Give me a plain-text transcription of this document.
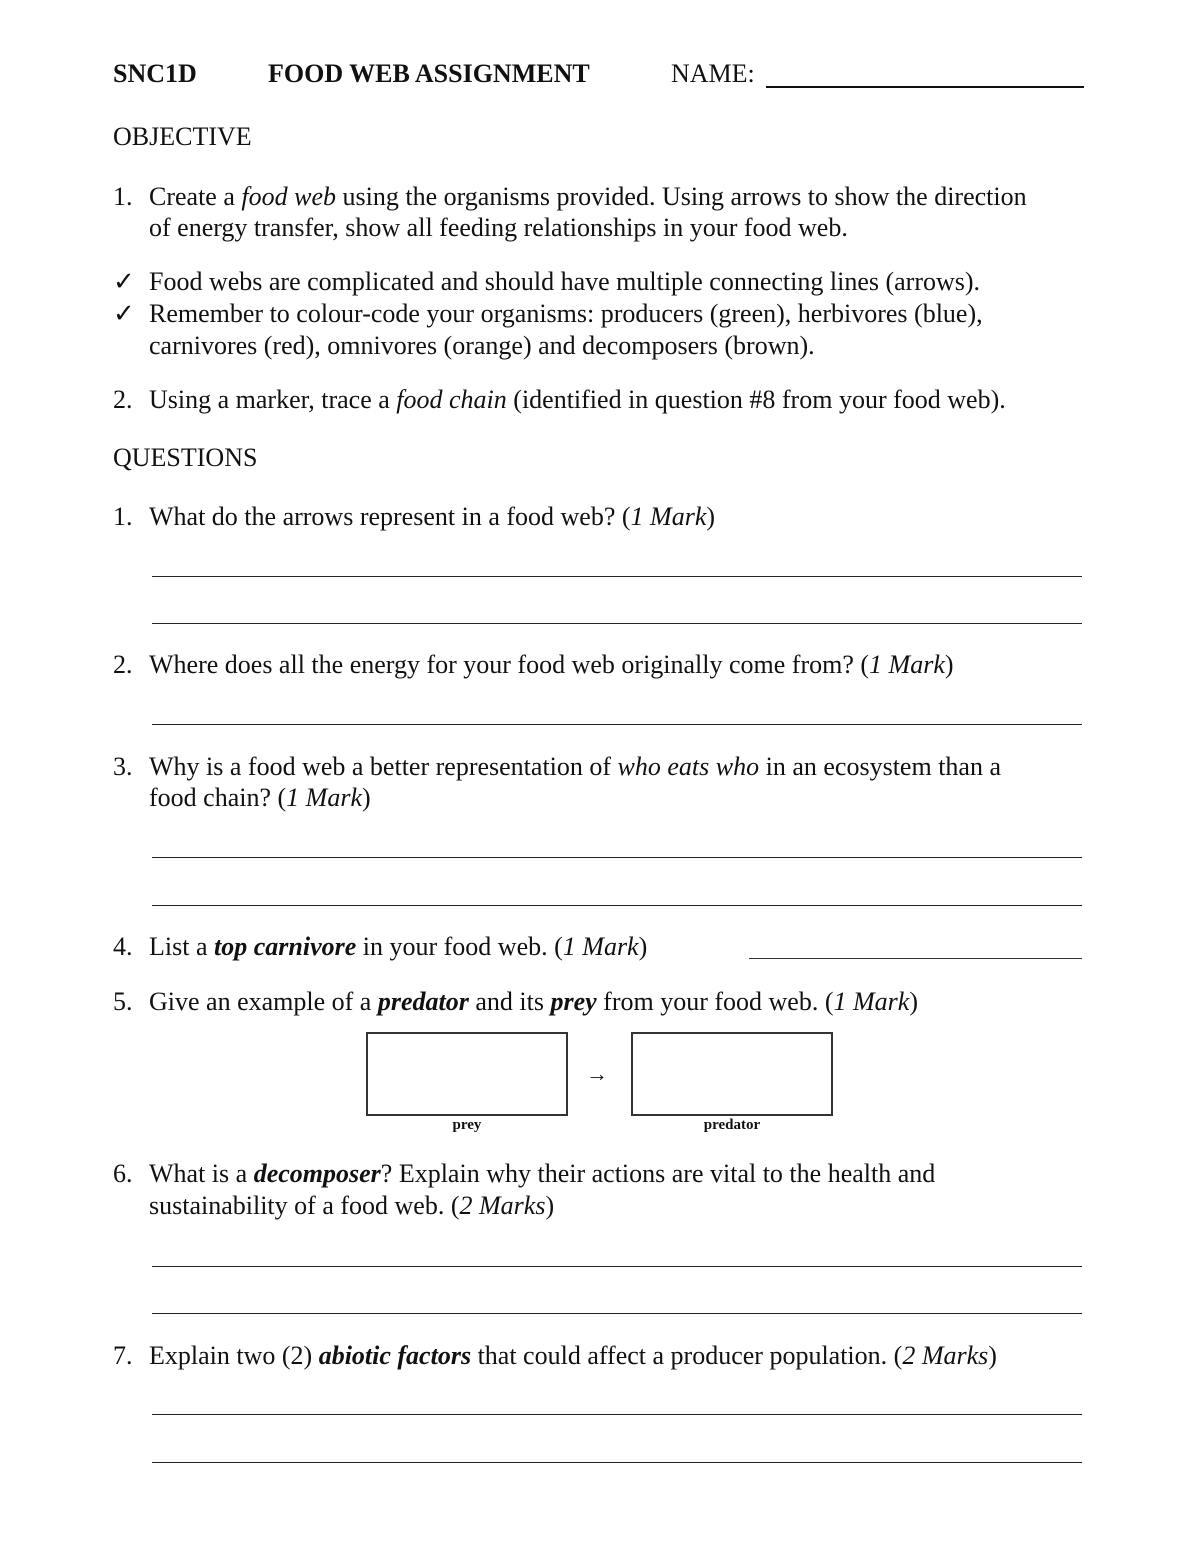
SNC1D	FOOD WEB ASSIGNMENT	NAME:
OBJECTIVE
1. Create a food web using the organisms provided. Using arrows to show the direction
of energy transfer, show all feeding relationships in your food web.
✓ Food webs are complicated and should have multiple connecting lines (arrows).
✓ Remember to colour-code your organisms: producers (green), herbivores (blue),
carnivores (red), omnivores (orange) and decomposers (brown).
2. Using a marker, trace a food chain (identified in question #8 from your food web).
QUESTIONS
1. What do the arrows represent in a food web? (1 Mark)
2. Where does all the energy for your food web originally come from? (1 Mark)
3. Why is a food web a better representation of who eats who in an ecosystem than a
food chain? (1 Mark)
4. List a top carnivore in your food web. (1 Mark)
5. Give an example of a predator and its prey from your food web. (1 Mark)
→
prey	predator
6. What is a decomposer? Explain why their actions are vital to the health and
sustainability of a food web. (2 Marks)
7. Explain two (2) abiotic factors that could affect a producer population. (2 Marks)
